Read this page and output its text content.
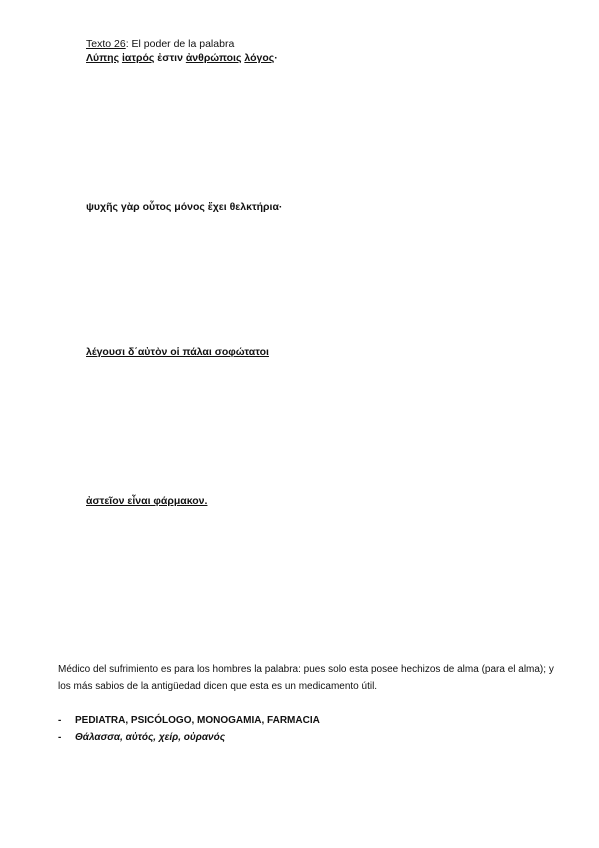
Texto 26: El poder de la palabra
Λύπης ἰατρός ἐστιν ἀνθρώποις λόγος·
ψυχῆς γὰρ οὗτος μόνος ἔχει θελκτήρια·
λέγουσι δ΄αὐτὸν οἱ πάλαι σοφώτατοι
ἀστεῖον εἶναι φάρμακον.
Médico del sufrimiento es para los hombres la palabra: pues solo esta posee hechizos de alma (para el alma); y los más sabios de la antigüedad dicen que esta es un medicamento útil.
- PEDIATRA, PSICÓLOGO, MONOGAMIA, FARMACIA
- Θάλασσα, αὐτός, χείρ, οὐρανός
